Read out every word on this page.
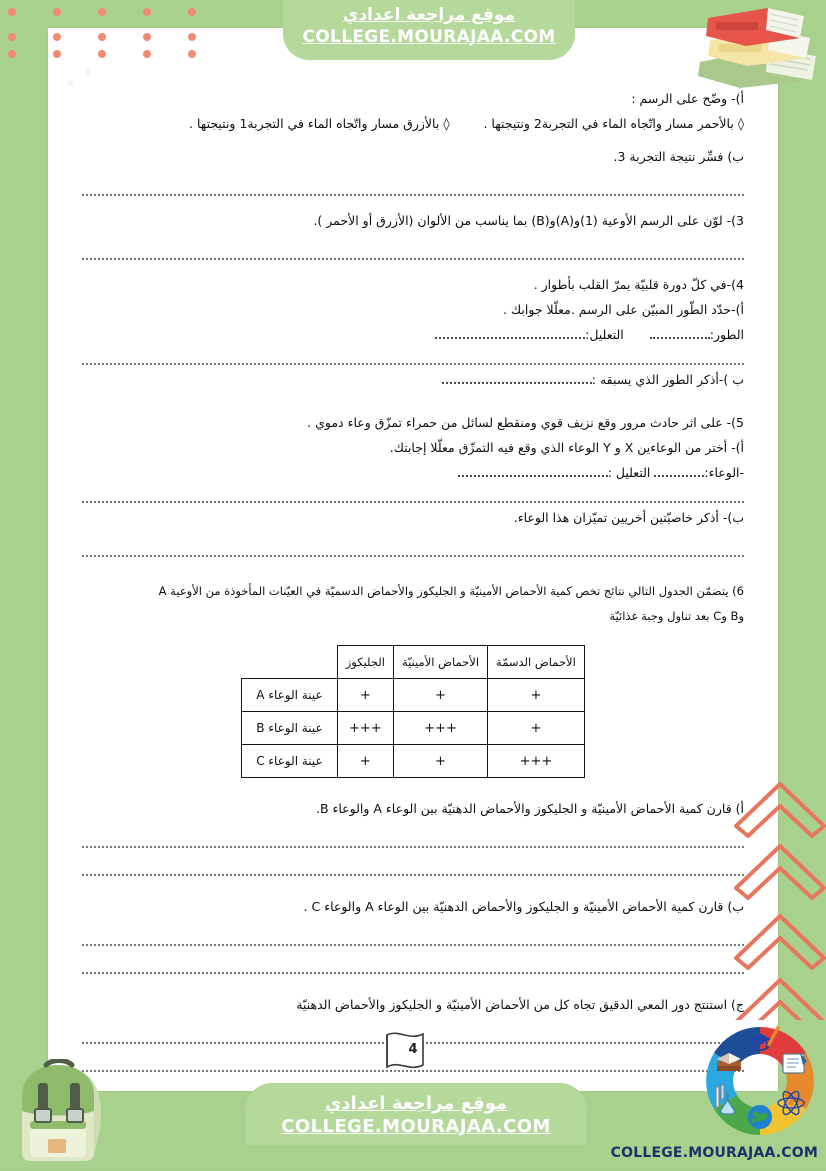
أ)- وضّح على الرسم :

◊ بالأحمر مسار واتّجاه الماء في التجربة2 ونتيجتها .  ◊ بالأزرق مسار واتّجاه الماء في التجربة1 ونتيجتها .

ب) فسِّر نتيجة التجربة 3.

3)- لوّن على الرسم الأوعية (1)و(A)و(B) بما يناسب من الألوان (الأزرق أو الأحمر ).

4)-في كلّ دورة قلبيّة يمرّ القلب بأطوار .

أ)-حدّد الطّور المبيّن على الرسم .معلّلا جوابك .

الطور:  التعليل:

ب )-أذكر الطور الذي يسبقه :

5)- على اثر حادث مرور وقع نزيف قوي ومنقطع لسائل من حمراء تمزّق وعاء دموي .

أ)- أختر من الوعاءين X و Y الوعاء الذي وقع فيه التمزّق معلّلا إجابتك.

-الوعاء: التعليل :

ب)- أذكر خاصيّتين أخريين تميّزان هذا الوعاء.

6) يتضمّن الجدول التالي نتائج تخص كمية الأحماض الأمينيّة و الجليكوز والأحماض الدسميّة في العيّنات المأخوذة من الأوعية A

وB وC بعد تناول وجبة غذائيّة

الأحماض الدسمّة	الأحماض الأمينيّة	الجليكوز	
+	+	+	عينة الوعاء A
+	+++	+++	عينة الوعاء B
+++	+	+	عينة الوعاء C

أ) قارن كمية الأحماض الأمينيّة و الجليكوز والأحماض الدهنيّة بين الوعاء A والوعاء B.

ب) قارن كمية الأحماض الأمينيّة و الجليكوز والأحماض الدهنيّة بين الوعاء A والوعاء C .

ج) استنتج دور المعي الدقيق تجاه كل من الأحماض الأمينيّة و الجليكوز والأحماض الدهنيّة

4
موقع مراجعة اعدادي
COLLEGE.MOURAJAA.COM
موقع مراجعة اعدادي
COLLEGE.MOURAJAA.COM
COLLEGE.MOURAJAA.COM
